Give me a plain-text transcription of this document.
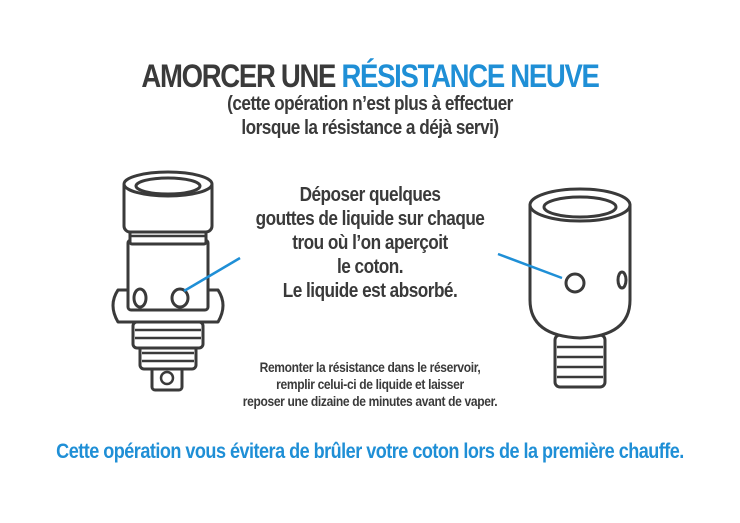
AMORCER UNE RÉSISTANCE NEUVE
(cette opération n’est plus à effectuer
lorsque la résistance a déjà servi)
Déposer quelques
gouttes de liquide sur chaque
trou où l’on aperçoit
le coton.
Le liquide est absorbé.
Remonter la résistance dans le réservoir,
remplir celui-ci de liquide et laisser
reposer une dizaine de minutes avant de vaper.
Cette opération vous évitera de brûler votre coton lors de la première chauffe.
